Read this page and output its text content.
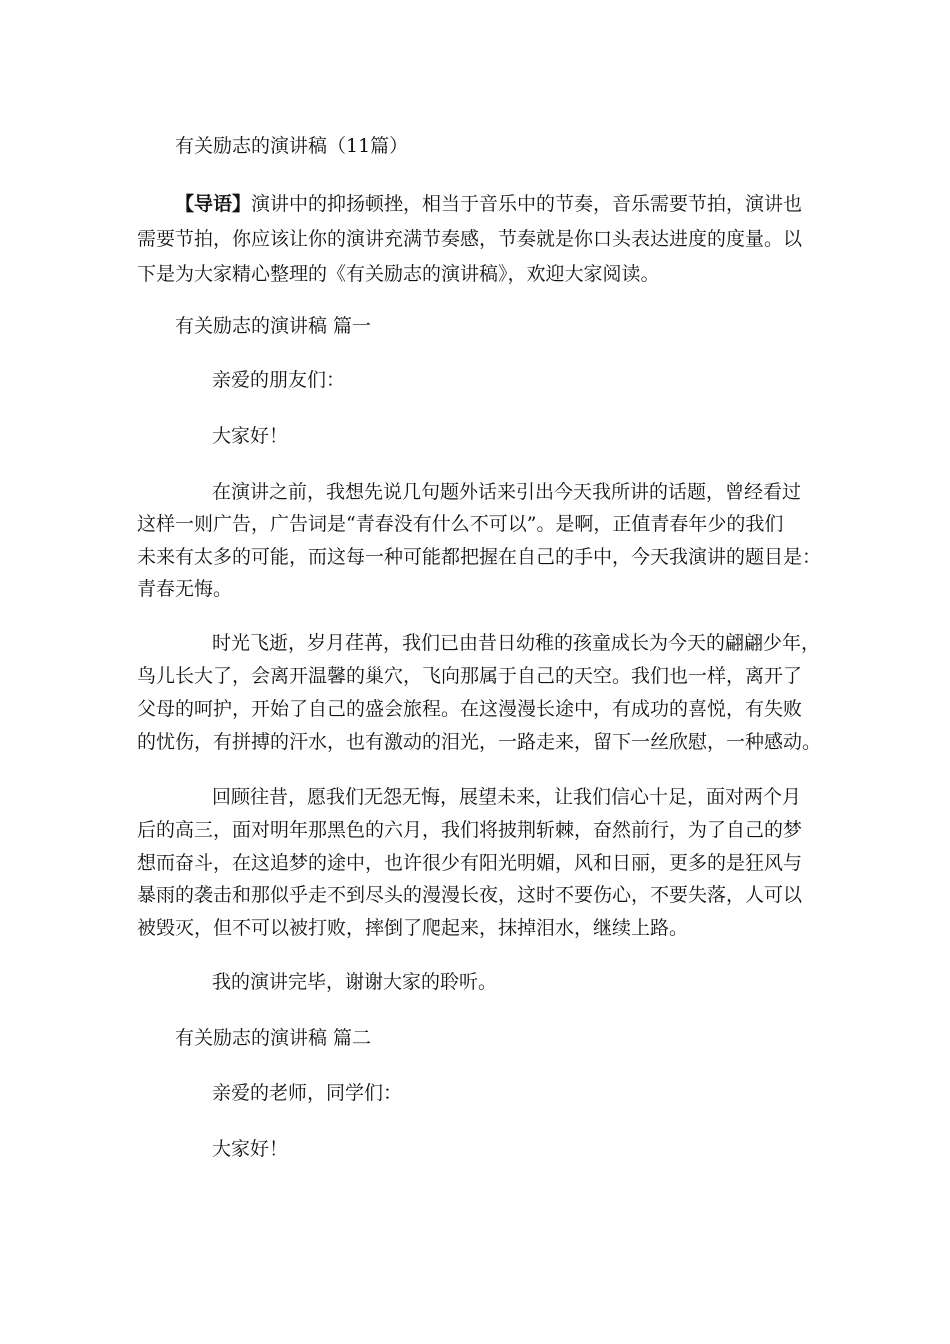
有关励志的演讲稿（11篇）
【导语】演讲中的抑扬顿挫，相当于音乐中的节奏，音乐需要节拍，演讲也
需要节拍，你应该让你的演讲充满节奏感，节奏就是你口头表达进度的度量。以
下是为大家精心整理的《有关励志的演讲稿》，欢迎大家阅读。
有关励志的演讲稿 篇一
亲爱的朋友们：
大家好！
在演讲之前，我想先说几句题外话来引出今天我所讲的话题，曾经看过
这样一则广告，广告词是“青春没有什么不可以”。是啊，正值青春年少的我们
未来有太多的可能，而这每一种可能都把握在自己的手中，今天我演讲的题目是：
青春无悔。
时光飞逝，岁月荏苒，我们已由昔日幼稚的孩童成长为今天的翩翩少年，
鸟儿长大了，会离开温馨的巢穴，飞向那属于自己的天空。我们也一样，离开了
父母的呵护，开始了自己的盛会旅程。在这漫漫长途中，有成功的喜悦，有失败
的忧伤，有拼搏的汗水，也有激动的泪光，一路走来，留下一丝欣慰，一种感动。
回顾往昔，愿我们无怨无悔，展望未来，让我们信心十足，面对两个月
后的高三，面对明年那黑色的六月，我们将披荆斩棘，奋然前行，为了自己的梦
想而奋斗，在这追梦的途中，也许很少有阳光明媚，风和日丽，更多的是狂风与
暴雨的袭击和那似乎走不到尽头的漫漫长夜，这时不要伤心，不要失落，人可以
被毁灭，但不可以被打败，摔倒了爬起来，抹掉泪水，继续上路。
我的演讲完毕，谢谢大家的聆听。
有关励志的演讲稿 篇二
亲爱的老师，同学们：
大家好！
